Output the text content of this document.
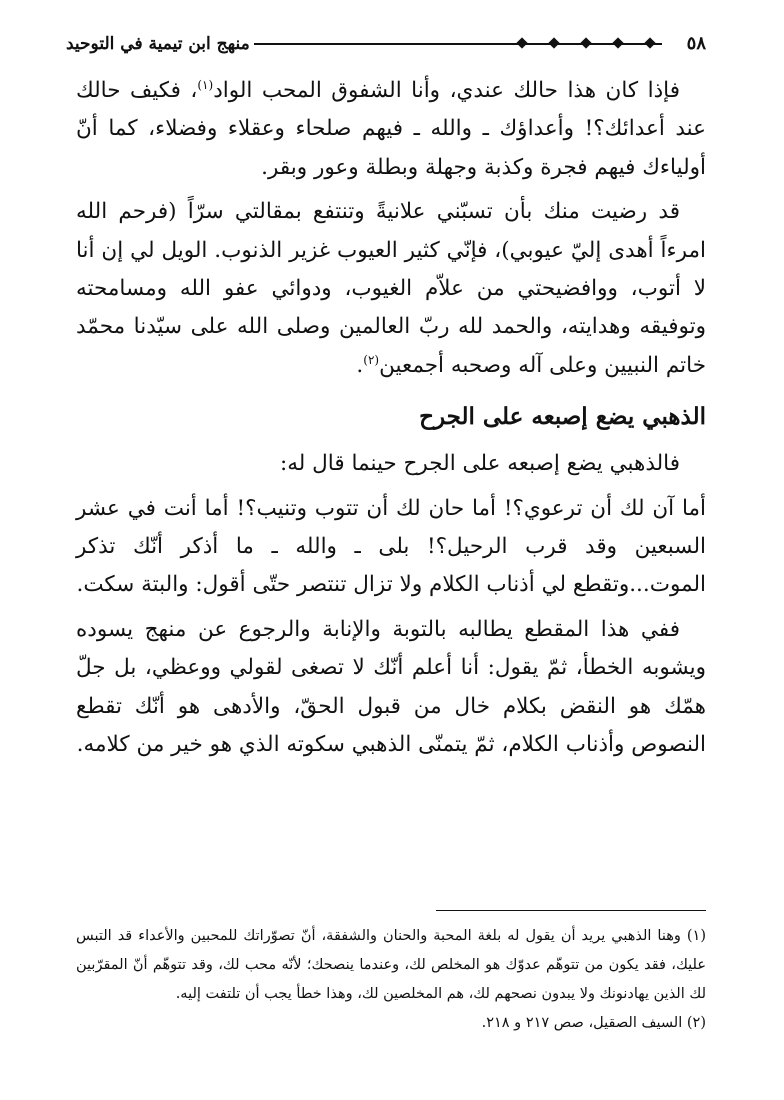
٥٨
منهج ابن تيمية في التوحيد

فإذا كان هذا حالك عندي، وأنا الشفوق المحب الواد$^{(١)}$، فكيف حالك عند أعدائك؟! وأعداؤك ـ والله ـ فيهم صلحاء وعقلاء وفضلاء، كما أنّ أولياءك فيهم فجرة وكذبة وجهلة وبطلة وعور وبقر.

قد رضيت منك بأن تسبّني علانيةً وتنتفع بمقالتي سرّاً (فرحم الله امرءاً أهدى إليّ عيوبي)، فإنّي كثير العيوب غزير الذنوب. الويل لي إن أنا لا أتوب، ووافضيحتي من علاّم الغيوب، ودوائي عفو الله ومسامحته وتوفيقه وهدايته، والحمد لله ربّ العالمين وصلى الله على سيّدنا محمّد خاتم النبيين وعلى آله وصحبه أجمعين$^{(٢)}$.

الذهبي يضع إصبعه على الجرح

فالذهبي يضع إصبعه على الجرح حينما قال له:

أما آن لك أن ترعوي؟! أما حان لك أن تتوب وتنيب؟! أما أنت في عشر السبعين وقد قرب الرحيل؟! بلى ـ والله ـ ما أذكر أنّك تذكر الموت...وتقطع لي أذناب الكلام ولا تزال تنتصر حتّى أقول: والبتة سكت.

ففي هذا المقطع يطالبه بالتوبة والإنابة والرجوع عن منهج يسوده ويشوبه الخطأ، ثمّ يقول: أنا أعلم أنّك لا تصغى لقولي ووعظي، بل جلّ همّك هو النقض بكلام خال من قبول الحقّ، والأدهى هو أنّك تقطع النصوص وأذناب الكلام، ثمّ يتمنّى الذهبي سكوته الذي هو خير من كلامه.

(١) وهنا الذهبي يريد أن يقول له بلغة المحبة والحنان والشفقة، أنّ تصوّراتك للمحبين والأعداء قد التبس عليك، فقد يكون من تتوهّم عدوّك هو المخلص لك، وعندما ينصحك؛ لأنّه محب لك، وقد تتوهّم أنّ المقرّبين لك الذين يهادنونك ولا يبدون نصحهم لك، هم المخلصين لك، وهذا خطأ يجب أن تلتفت إليه.

(٢) السيف الصقيل، صص ٢١٧ و ٢١٨.
